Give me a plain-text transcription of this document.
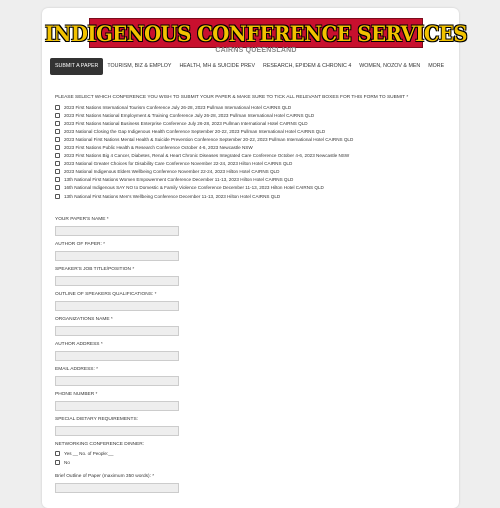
INDIGENOUS CONFERENCE SERVICES
CAIRNS QUEENSLAND
SUBMIT A PAPER	TOURISM, BIZ & EMPLOY	HEALTH, MH & SUICIDE PREV	RESEARCH, EPIDEM & CHRONIC 4	WOMEN, NOZOV & MEN	MORE
PLEASE SELECT WHICH CONFERENCE YOU WISH TO SUBMIT YOUR PAPER & MAKE SURE TO TICK ALL RELEVANT BOXES FOR THIS FORM TO SUBMIT *
2023 First Nations International Tourism Conference July 26-28, 2023 Pullman International Hotel CAIRNS QLD
2023 First Nations National Employment & Training Conference July 26-28, 2023 Pullman International Hotel CAIRNS QLD
2023 First Nations National Business Enterprise Conference July 26-28, 2023 Pullman International Hotel CAIRNS QLD
2023 National Closing the Gap Indigenous Health Conference September 20-22, 2023 Pullman International Hotel CAIRNS QLD
2023 National First Nations Mental Health & Suicide Prevention Conference September 20-22, 2023 Pullman International Hotel CAIRNS QLD
2023 First Nations Public Health & Research Conference October 4-6, 2023 Newcastle NSW
2023 First Nations Big 4 Cancer, Diabetes, Renal & Heart Chronic Diseases Integrated Care Conference October 4-6, 2023 Newcastle NSW
2023 National Greater Choices for Disability Care Conference November 22-24, 2023 Hilton Hotel CAIRNS QLD
2023 National Indigenous Elders Wellbeing Conference November 22-24, 2023 Hilton Hotel CAIRNS QLD
13th National First Nations Women Empowerment Conference December 11-13, 2023 Hilton Hotel CAIRNS QLD
16th National Indigenous SAY NO to Domestic & Family Violence Conference December 11-13, 2023 Hilton Hotel CAIRNS QLD
13th National First Nations Men's Wellbeing Conference December 11-13, 2023 Hilton Hotel CAIRNS QLD
YOUR PAPER'S NAME *
AUTHOR OF PAPER: *
SPEAKER'S JOB TITLE/POSITION *
OUTLINE OF SPEAKERS QUALIFICATIONS: *
ORGANIZATIONS NAME *
AUTHOR ADDRESS *
EMAIL ADDRESS: *
PHONE NUMBER *
SPECIAL DIETARY REQUIREMENTS:
NETWORKING CONFERENCE DINNER:
Yes __ No. of People:__
No
Brief Outline of Paper (maximum 350 words): *
